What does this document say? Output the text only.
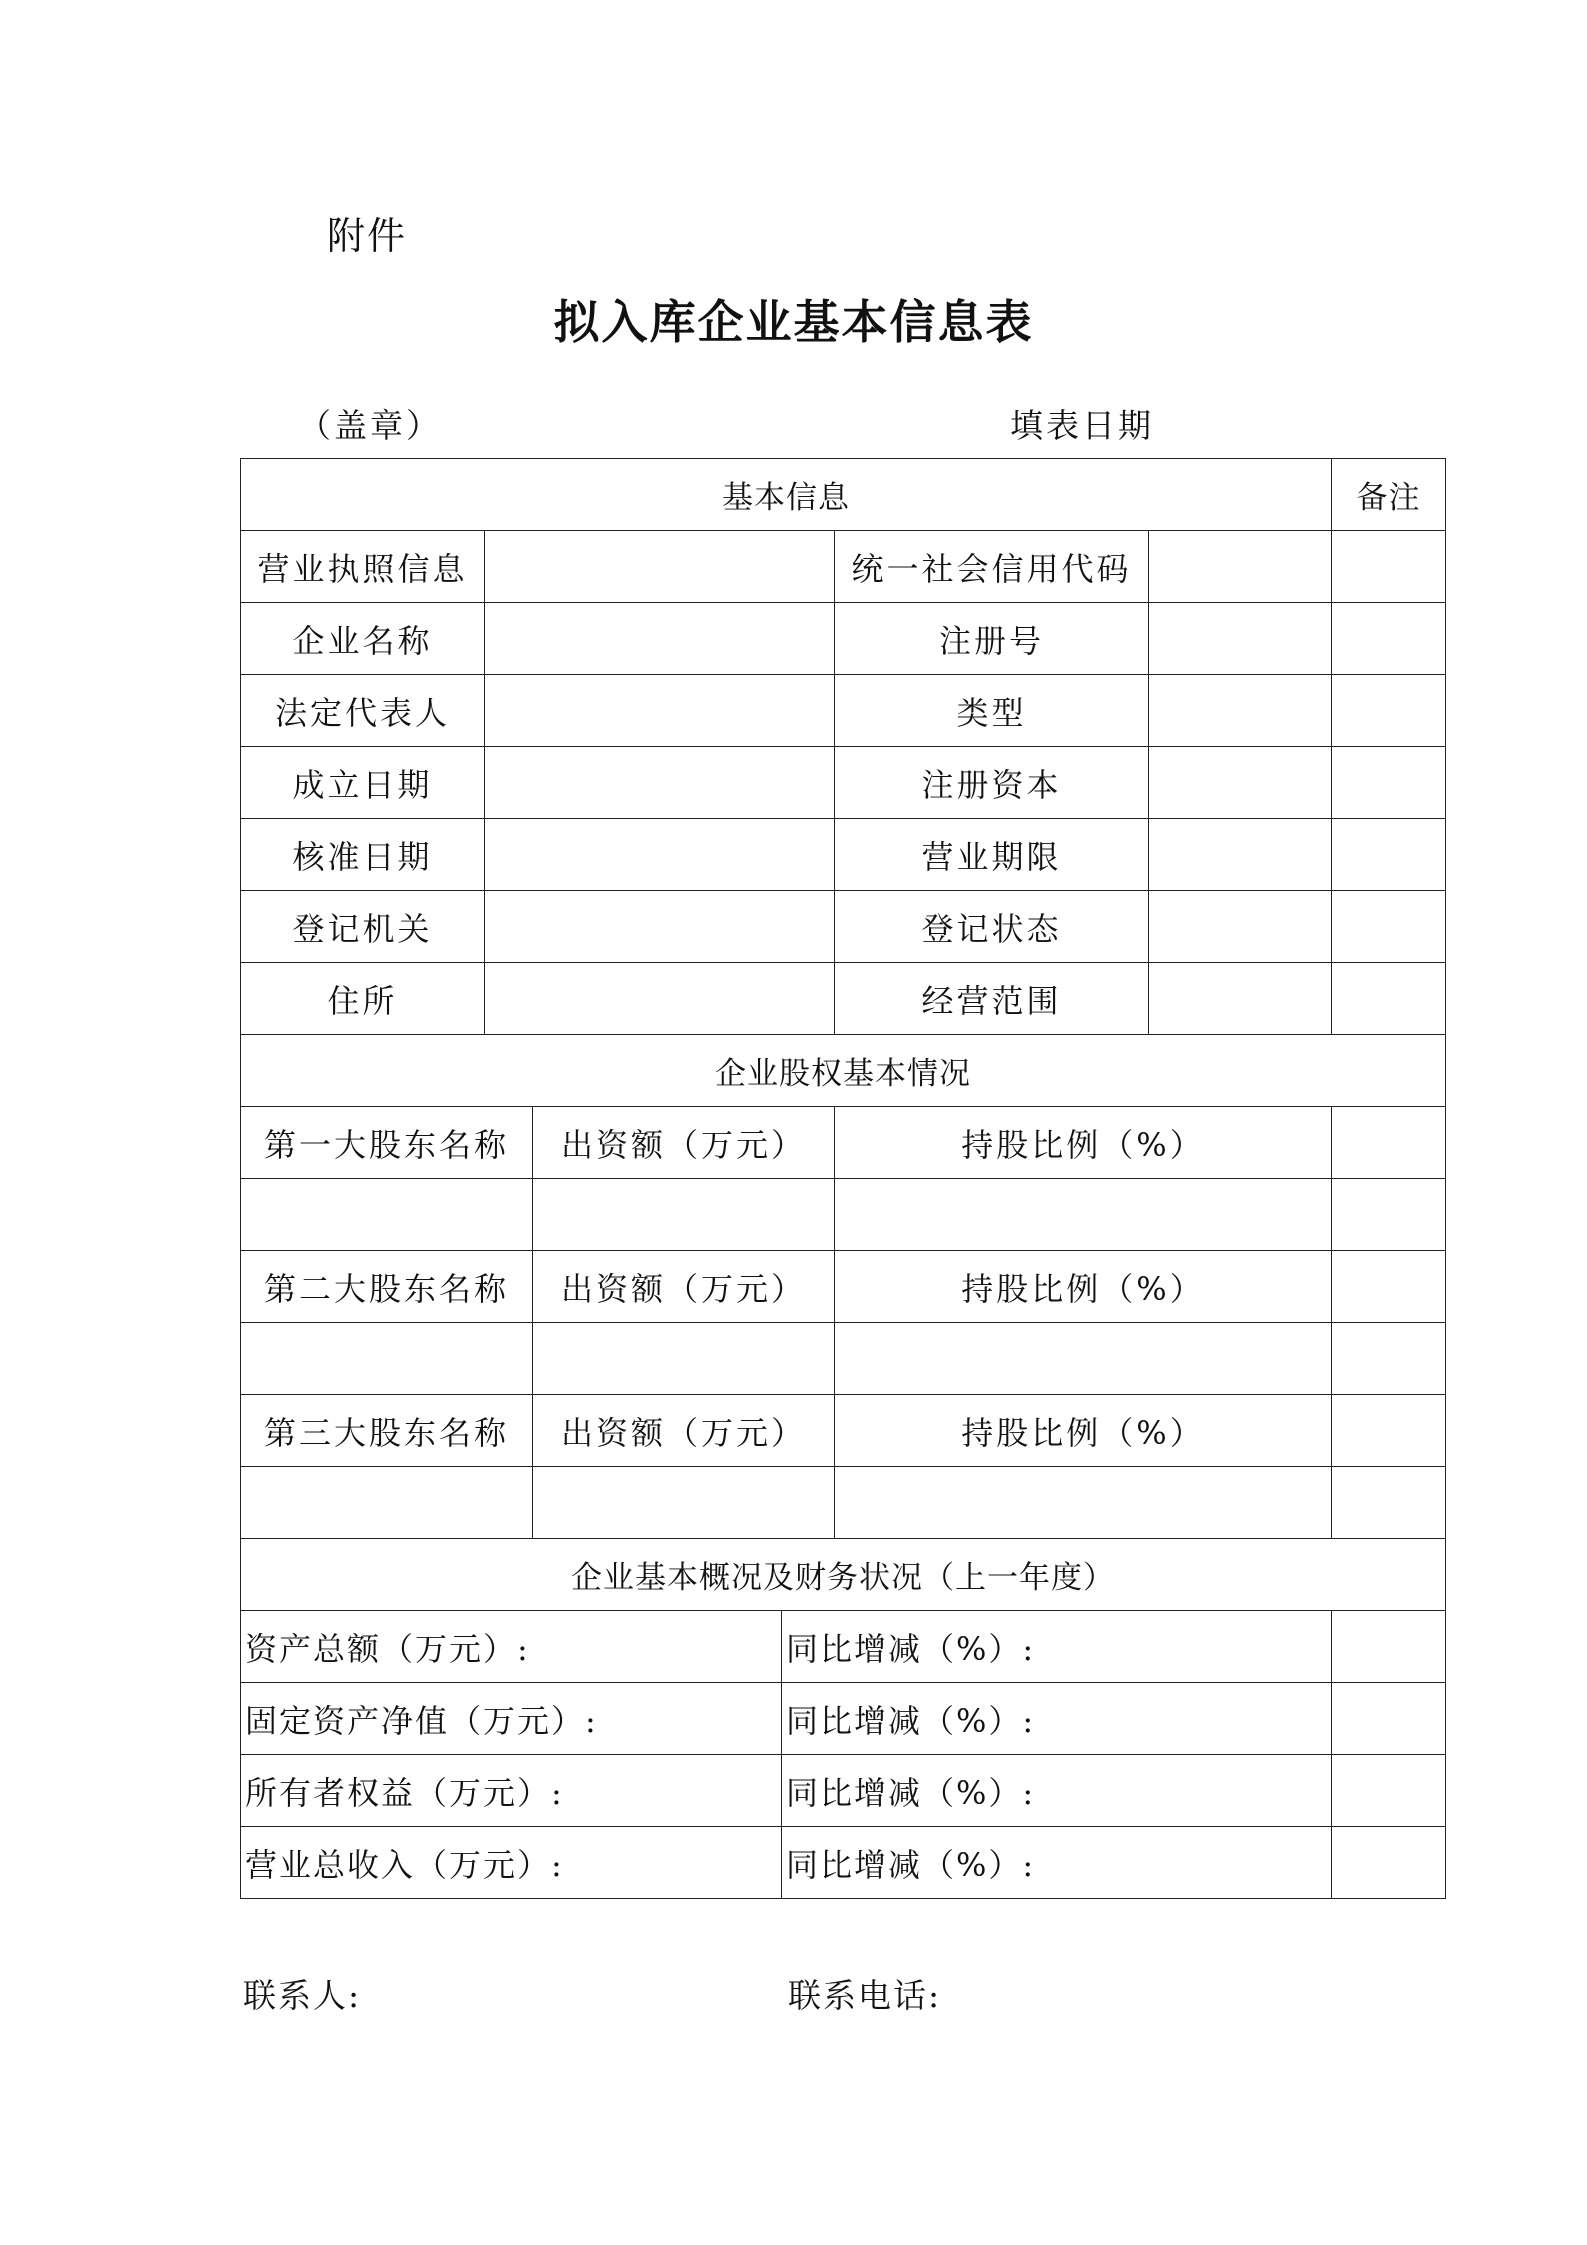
附件
拟入库企业基本信息表
（盖章）	填表日期
基本信息						备注
营业执照信息				统一社会信用代码		
企业名称				注册号		
法定代表人				类型		
成立日期				注册资本		
核准日期				营业期限		
登记机关				登记状态		
住所				经营范围		
企业股权基本情况						
第一大股东名称		出资额（万元）		持股比例（%）		

第二大股东名称		出资额（万元）		持股比例（%）		

第三大股东名称		出资额（万元）		持股比例（%）		

企业基本概况及财务状况（上一年度）						
资产总额（万元）:			同比增减（%）:			
固定资产净值（万元）:			同比增减（%）:			
所有者权益（万元）:			同比增减（%）:			
营业总收入（万元）:			同比增减（%）:			
联系人:	联系电话:
